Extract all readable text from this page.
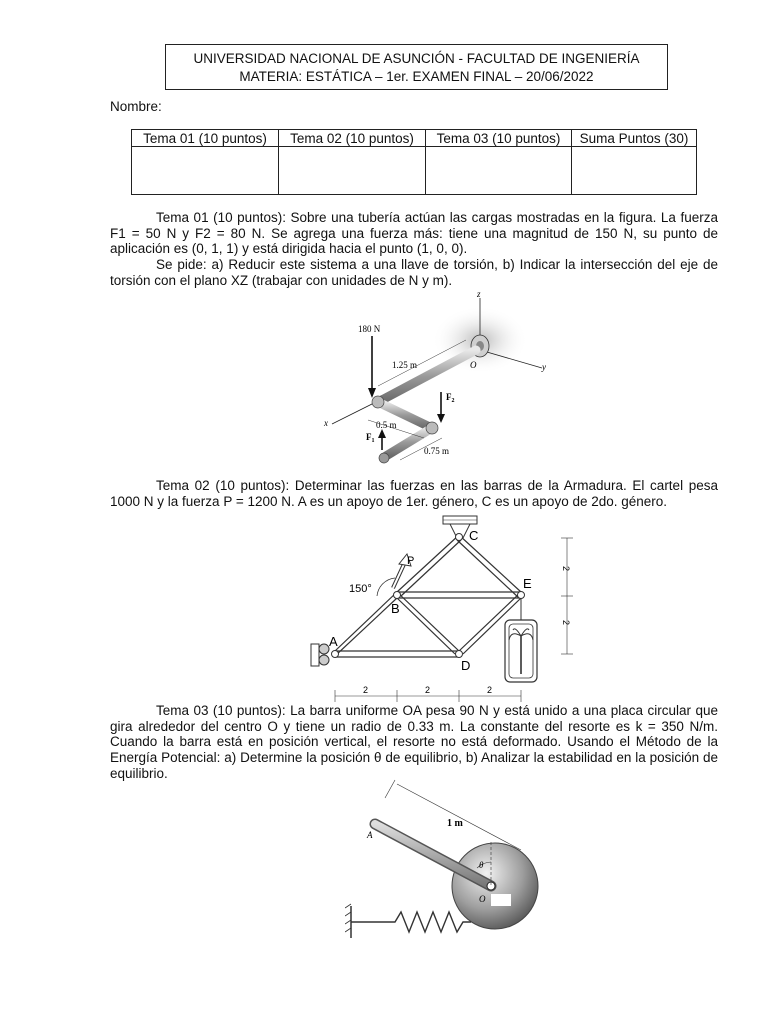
UNIVERSIDAD NACIONAL DE ASUNCIÓN - FACULTAD DE INGENIERÍA
MATERIA: ESTÁTICA – 1er. EXAMEN FINAL – 20/06/2022
Nombre:
Tema 01 (10 puntos)	Tema 02 (10 puntos)	Tema 03 (10 puntos)	Suma Puntos (30)

Tema 01 (10 puntos): Sobre una tubería actúan las cargas mostradas en la figura. La fuerza F1 = 50 N y F2 = 80 N. Se agrega una fuerza más: tiene una magnitud de 150 N, su punto de aplicación es (0, 1, 1) y está dirigida hacia el punto (1, 0, 0).

Se pide: a) Reducir este sistema a una llave de torsión, b) Indicar la intersección del eje de torsión con el plano XZ (trabajar con unidades de N y m).

z
y
x
O
180 N
$F_2$
$F_1$
1.25 m
0.5 m
0.75 m

Tema 02 (10 puntos): Determinar las fuerzas en las barras de la Armadura. El cartel pesa 1000 N y la fuerza P = 1200 N. A es un apoyo de 1er. género, C es un apoyo de 2do. género.

P
150°
A
B
C
D
E
2
2
2	2	2

Tema 03 (10 puntos): La barra uniforme OA pesa 90 N y está unido a una placa circular que gira alrededor del centro O y tiene un radio de 0.33 m. La constante del resorte es k = 350 N/m. Cuando la barra está en posición vertical, el resorte no está deformado. Usando el Método de la Energía Potencial: a) Determine la posición θ de equilibrio, b) Analizar la estabilidad en la posición de equilibrio.

1 m
θ
A
O
